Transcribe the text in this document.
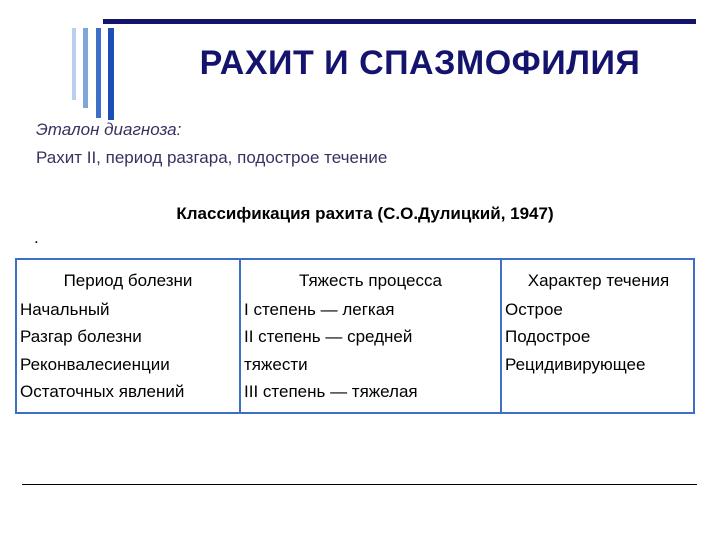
РАХИТ И СПАЗМОФИЛИЯ
Эталон диагноза:
Рахит II, период разгара, подострое течение
Классификация рахита (С.О.Дулицкий, 1947)
.
Период болезни
Начальный
Разгар болезни
Реконвалесиенции
Остаточных явлений
Тяжесть процесса
I степень — легкая
II степень — средней
тяжести
III степень — тяжелая
Характер течения
Острое
Подострое
Рецидивирующее
